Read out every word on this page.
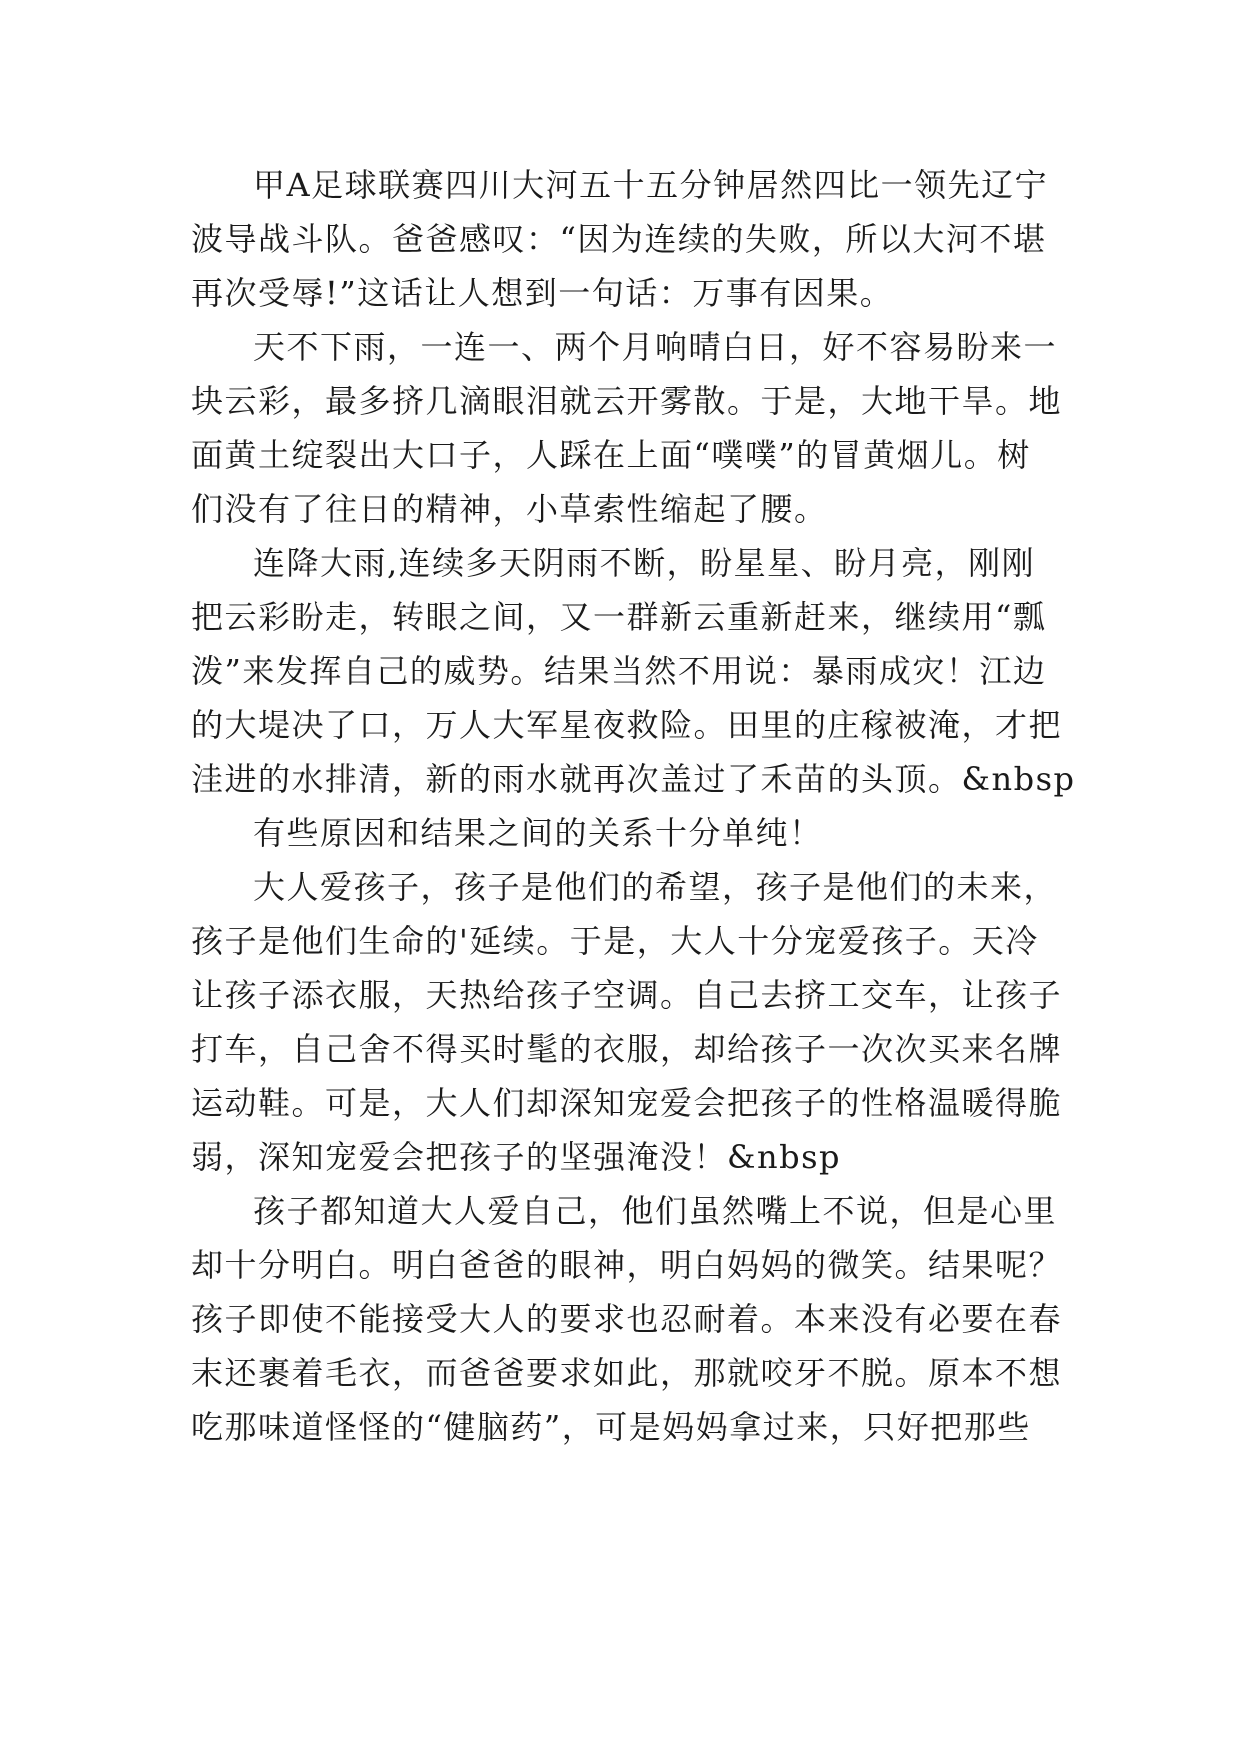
甲A足球联赛四川大河五十五分钟居然四比一领先辽宁
波导战斗队。爸爸感叹：“因为连续的失败，所以大河不堪
再次受辱!”这话让人想到一句话：万事有因果。
天不下雨，一连一、两个月响晴白日，好不容易盼来一
块云彩，最多挤几滴眼泪就云开雾散。于是，大地干旱。地
面黄土绽裂出大口子，人踩在上面“噗噗”的冒黄烟儿。树
们没有了往日的精神，小草索性缩起了腰。
连降大雨,连续多天阴雨不断，盼星星、盼月亮，刚刚
把云彩盼走，转眼之间，又一群新云重新赶来，继续用“瓢
泼”来发挥自己的威势。结果当然不用说：暴雨成灾！江边
的大堤决了口，万人大军星夜救险。田里的庄稼被淹，才把
洼进的水排清，新的雨水就再次盖过了禾苗的头顶。&nbsp
有些原因和结果之间的关系十分单纯！
大人爱孩子，孩子是他们的希望，孩子是他们的未来，
孩子是他们生命的'延续。于是，大人十分宠爱孩子。天冷
让孩子添衣服，天热给孩子空调。自己去挤工交车，让孩子
打车，自己舍不得买时髦的衣服，却给孩子一次次买来名牌
运动鞋。可是，大人们却深知宠爱会把孩子的性格温暖得脆
弱，深知宠爱会把孩子的坚强淹没！&nbsp
孩子都知道大人爱自己，他们虽然嘴上不说，但是心里
却十分明白。明白爸爸的眼神，明白妈妈的微笑。结果呢？
孩子即使不能接受大人的要求也忍耐着。本来没有必要在春
末还裹着毛衣，而爸爸要求如此，那就咬牙不脱。原本不想
吃那味道怪怪的“健脑药”，可是妈妈拿过来，只好把那些
